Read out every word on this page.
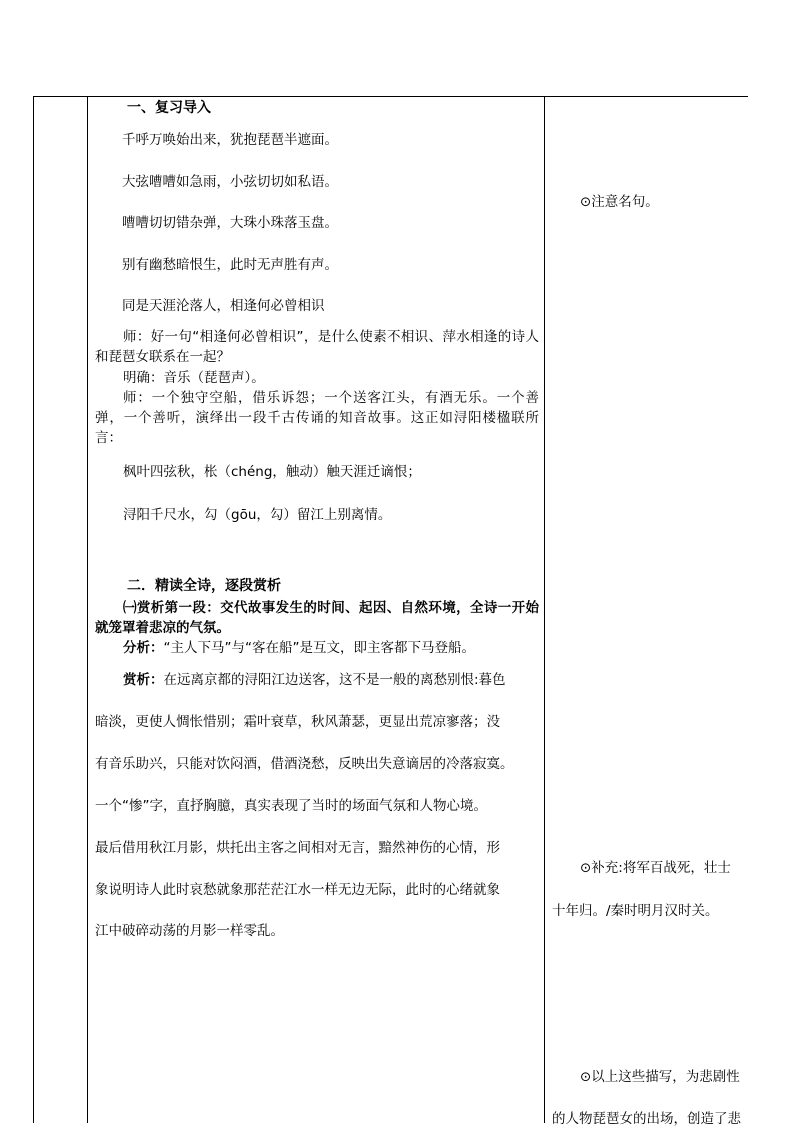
一、复习导入
千呼万唤始出来，犹抱琵琶半遮面。
大弦嘈嘈如急雨，小弦切切如私语。
嘈嘈切切错杂弹，大珠小珠落玉盘。
别有幽愁暗恨生，此时无声胜有声。
同是天涯沦落人，相逢何必曾相识
师：好一句“相逢何必曾相识”，是什么使素不相识、萍水相逢的诗人和琵琶女联系在一起？
明确：音乐（琵琶声）。
师：一个独守空船，借乐诉怨；一个送客江头，有酒无乐。一个善弹，一个善听，演绎出一段千古传诵的知音故事。这正如浔阳楼楹联所言：
枫叶四弦秋，枨（chéng，触动）触天涯迁谪恨；
浔阳千尺水，勾（gōu，勾）留江上别离情。
二．精读全诗，逐段赏析
㈠赏析第一段：交代故事发生的时间、起因、自然环境，全诗一开始就笼罩着悲凉的气氛。
分析：“主人下马”与“客在船”是互文，即主客都下马登船。
赏析：在远离京都的浔阳江边送客，这不是一般的离愁别恨:暮色
暗淡，更使人惆怅惜别；霜叶衰草，秋风萧瑟，更显出荒凉寥落；没
有音乐助兴，只能对饮闷酒，借酒浇愁，反映出失意谪居的冷落寂寞。
一个“惨”字，直抒胸臆，真实表现了当时的场面气氛和人物心境。
最后借用秋江月影，烘托出主客之间相对无言，黯然神伤的心情，形
象说明诗人此时哀愁就象那茫茫江水一样无边无际，此时的心绪就象
江中破碎动荡的月影一样零乱。
⊙注意名句。
⊙补充:将军百战死，壮士
十年归。/秦时明月汉时关。
⊙以上这些描写，为悲剧性
的人物琵琶女的出场，创造了悲
